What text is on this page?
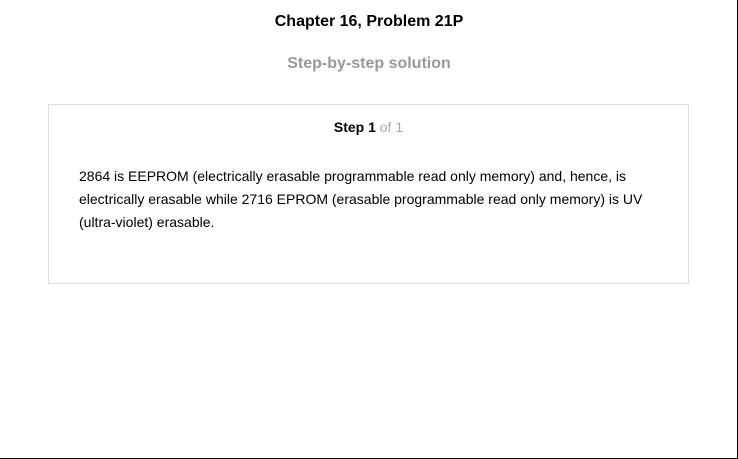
Chapter 16, Problem 21P
Step-by-step solution
Step 1 of 1
2864 is EEPROM (electrically erasable programmable read only memory) and, hence, is electrically erasable while 2716 EPROM (erasable programmable read only memory) is UV (ultra-violet) erasable.
